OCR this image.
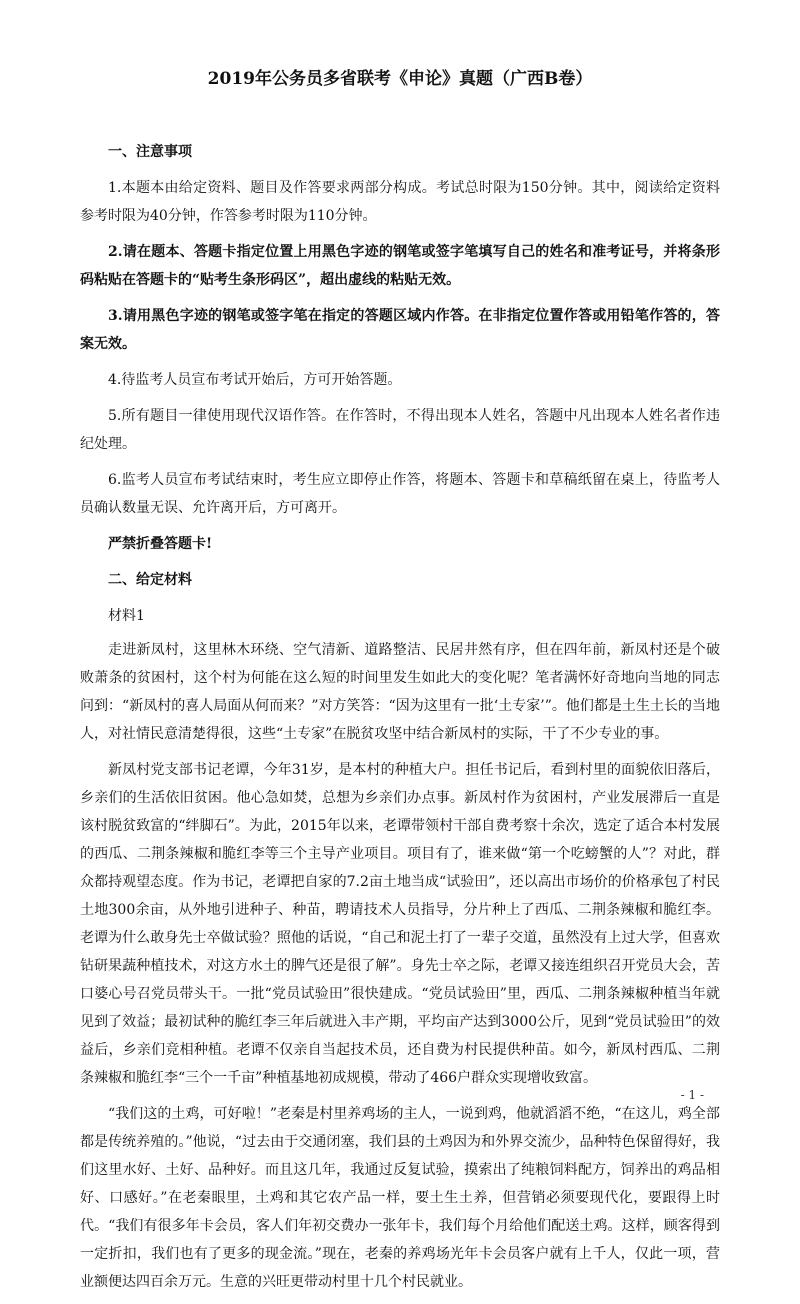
2019年公务员多省联考《申论》真题（广西B卷）
一、注意事项

1.本题本由给定资料、题目及作答要求两部分构成。考试总时限为150分钟。其中，阅读给定资料参考时限为40分钟，作答参考时限为110分钟。

2.请在题本、答题卡指定位置上用黑色字迹的钢笔或签字笔填写自己的姓名和准考证号，并将条形码粘贴在答题卡的“贴考生条形码区”，超出虚线的粘贴无效。

3.请用黑色字迹的钢笔或签字笔在指定的答题区域内作答。在非指定位置作答或用铅笔作答的，答案无效。

4.待监考人员宣布考试开始后，方可开始答题。

5.所有题目一律使用现代汉语作答。在作答时，不得出现本人姓名，答题中凡出现本人姓名者作违纪处理。

6.监考人员宣布考试结束时，考生应立即停止作答，将题本、答题卡和草稿纸留在桌上，待监考人员确认数量无误、允许离开后，方可离开。

严禁折叠答题卡!
二、给定材料
材料1

走进新凤村，这里林木环绕、空气清新、道路整洁、民居井然有序，但在四年前，新凤村还是个破败萧条的贫困村，这个村为何能在这么短的时间里发生如此大的变化呢？笔者满怀好奇地向当地的同志问到：“新凤村的喜人局面从何而来？”对方笑答：“因为这里有一批‘土专家’”。他们都是土生土长的当地人，对社情民意清楚得很，这些“土专家”在脱贫攻坚中结合新凤村的实际，干了不少专业的事。

新凤村党支部书记老谭，今年31岁，是本村的种植大户。担任书记后，看到村里的面貌依旧落后，乡亲们的生活依旧贫困。他心急如焚，总想为乡亲们办点事。新凤村作为贫困村，产业发展滞后一直是该村脱贫致富的“绊脚石”。为此，2015年以来，老谭带领村干部自费考察十余次，选定了适合本村发展的西瓜、二荆条辣椒和脆红李等三个主导产业项目。项目有了，谁来做“第一个吃螃蟹的人”？对此，群众都持观望态度。作为书记，老谭把自家的7.2亩土地当成“试验田”，还以高出市场价的价格承包了村民土地300余亩，从外地引进种子、种苗，聘请技术人员指导，分片种上了西瓜、二荆条辣椒和脆红李。老谭为什么敢身先士卒做试验？照他的话说，“自己和泥土打了一辈子交道，虽然没有上过大学，但喜欢钻研果蔬种植技术，对这方水土的脾气还是很了解”。身先士卒之际，老谭又接连组织召开党员大会，苦口婆心号召党员带头干。一批“党员试验田”很快建成。“党员试验田”里，西瓜、二荆条辣椒种植当年就见到了效益；最初试种的脆红李三年后就进入丰产期，平均亩产达到3000公斤，见到“党员试验田”的效益后，乡亲们竞相种植。老谭不仅亲自当起技术员，还自费为村民提供种苗。如今，新凤村西瓜、二荆条辣椒和脆红李“三个一千亩”种植基地初成规模，带动了466户群众实现增收致富。

“我们这的土鸡，可好啦！”老秦是村里养鸡场的主人，一说到鸡，他就滔滔不绝，“在这儿，鸡全部都是传统养殖的。”他说，“过去由于交通闭塞，我们县的土鸡因为和外界交流少，品种特色保留得好，我们这里水好、土好、品种好。而且这几年，我通过反复试验，摸索出了纯粮饲料配方，饲养出的鸡品相好、口感好。”在老秦眼里，土鸡和其它农产品一样，要土生土养，但营销必须要现代化，要跟得上时代。“我们有很多年卡会员，客人们年初交费办一张年卡，我们每个月给他们配送土鸡。这样，顾客得到一定折扣，我们也有了更多的现金流。”现在，老秦的养鸡场光年卡会员客户就有上千人，仅此一项，营业额便达四百余万元。生意的兴旺更带动村里十几个村民就业。

- 1 -
